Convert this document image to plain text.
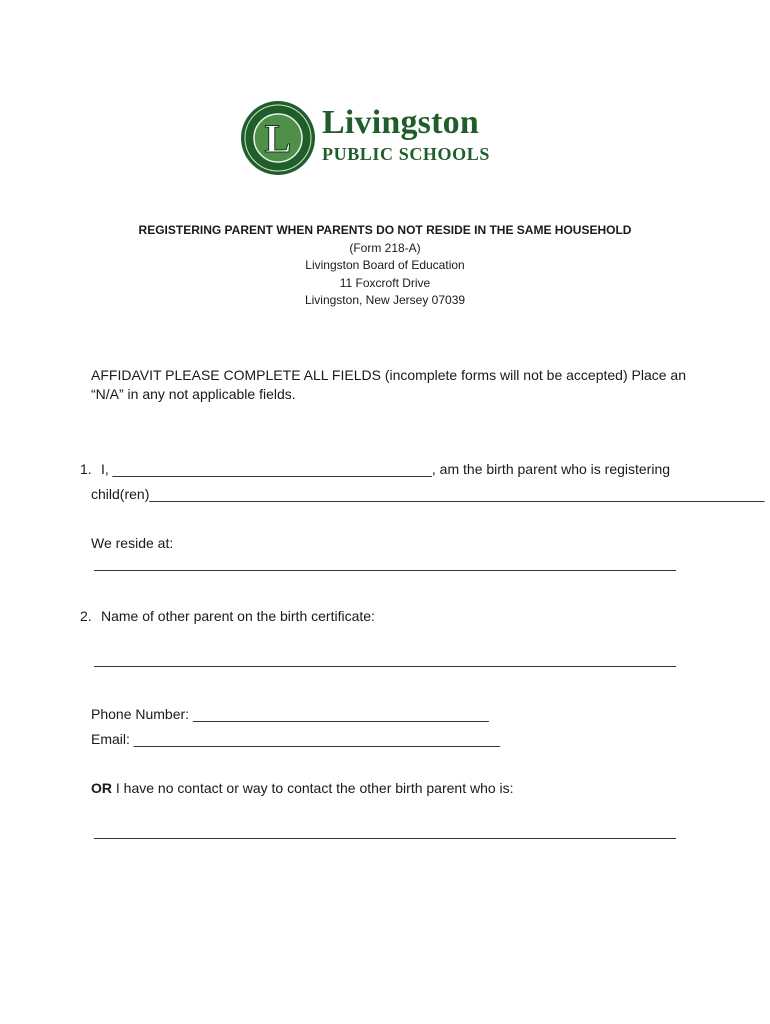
L Livingston
PUBLIC SCHOOLS
REGISTERING PARENT WHEN PARENTS DO NOT RESIDE IN THE SAME HOUSEHOLD
(Form 218-A)
Livingston Board of Education
11 Foxcroft Drive
Livingston, New Jersey 07039
AFFIDAVIT PLEASE COMPLETE ALL FIELDS (incomplete forms will not be accepted) Place an “N/A” in any not applicable fields.
1. I, _________________________________________, am the birth parent who is registering
child(ren)_______________________________________________________________________________
We reside at:
2. Name of other parent on the birth certificate:
Phone Number: ______________________________________
Email: _______________________________________________
OR I have no contact or way to contact the other birth parent who is:
